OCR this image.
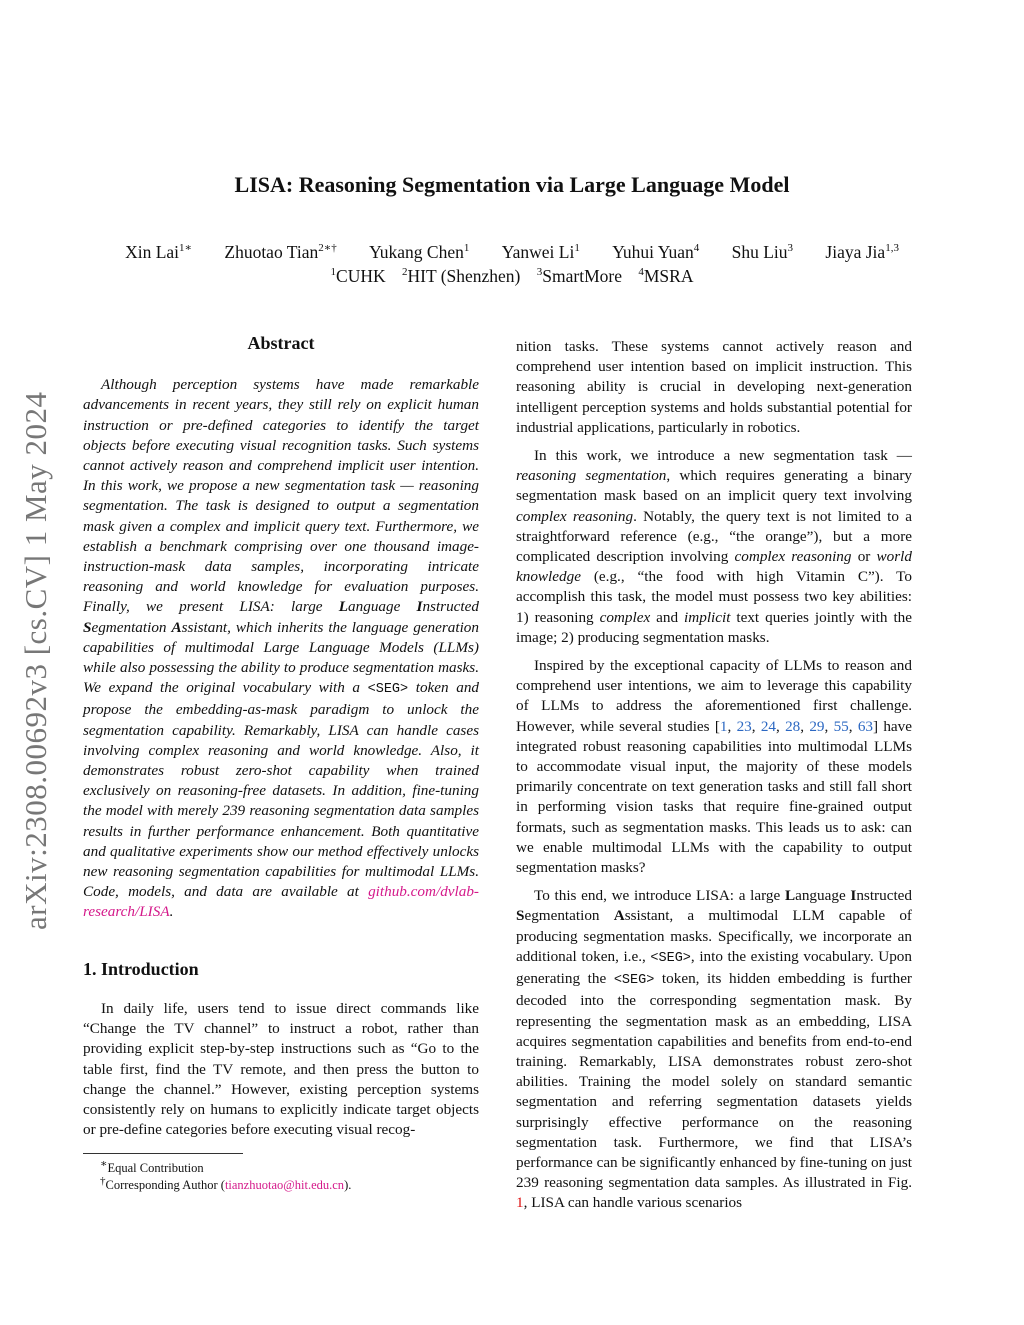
arXiv:2308.00692v3 [cs.CV] 1 May 2024
LISA: Reasoning Segmentation via Large Language Model
Xin Lai$^{1∗}$ Zhuotao Tian$^{2∗\dagger}$ Yukang Chen$^1$ Yanwei Li$^1$ Yuhui Yuan$^4$ Shu Liu$^3$ Jiaya Jia$^{1,3}$
$^1$CUHK $^2$HIT (Shenzhen) $^3$SmartMore $^4$MSRA
Abstract

Although perception systems have made remarkable advancements in recent years, they still rely on explicit human instruction or pre-defined categories to identify the target objects before executing visual recognition tasks. Such systems cannot actively reason and comprehend implicit user intention. In this work, we propose a new segmentation task — reasoning segmentation. The task is designed to output a segmentation mask given a complex and implicit query text. Furthermore, we establish a benchmark comprising over one thousand image-instruction-mask data samples, incorporating intricate reasoning and world knowledge for evaluation purposes. Finally, we present LISA: large Language Instructed Segmentation Assistant, which inherits the language generation capabilities of multimodal Large Language Models (LLMs) while also possessing the ability to produce segmentation masks. We expand the original vocabulary with a <SEG> token and propose the embedding-as-mask paradigm to unlock the segmentation capability. Remarkably, LISA can handle cases involving complex reasoning and world knowledge. Also, it demonstrates robust zero-shot capability when trained exclusively on reasoning-free datasets. In addition, fine-tuning the model with merely 239 reasoning segmentation data samples results in further performance enhancement. Both quantitative and qualitative experiments show our method effectively unlocks new reasoning segmentation capabilities for multimodal LLMs. Code, models, and data are available at github.com/dvlab-research/LISA.

1. Introduction

In daily life, users tend to issue direct commands like “Change the TV channel” to instruct a robot, rather than providing explicit step-by-step instructions such as “Go to the table first, find the TV remote, and then press the button to change the channel.” However, existing perception systems consistently rely on humans to explicitly indicate target objects or pre-define categories before executing visual recog-

nition tasks. These systems cannot actively reason and comprehend user intention based on implicit instruction. This reasoning ability is crucial in developing next-generation intelligent perception systems and holds substantial potential for industrial applications, particularly in robotics.

In this work, we introduce a new segmentation task — reasoning segmentation, which requires generating a binary segmentation mask based on an implicit query text involving complex reasoning. Notably, the query text is not limited to a straightforward reference (e.g., “the orange”), but a more complicated description involving complex reasoning or world knowledge (e.g., “the food with high Vitamin C”). To accomplish this task, the model must possess two key abilities: 1) reasoning complex and implicit text queries jointly with the image; 2) producing segmentation masks.

Inspired by the exceptional capacity of LLMs to reason and comprehend user intentions, we aim to leverage this capability of LLMs to address the aforementioned first challenge. However, while several studies [1, 23, 24, 28, 29, 55, 63] have integrated robust reasoning capabilities into multimodal LLMs to accommodate visual input, the majority of these models primarily concentrate on text generation tasks and still fall short in performing vision tasks that require fine-grained output formats, such as segmentation masks. This leads us to ask: can we enable multimodal LLMs with the capability to output segmentation masks?

To this end, we introduce LISA: a large Language Instructed Segmentation Assistant, a multimodal LLM capable of producing segmentation masks. Specifically, we incorporate an additional token, i.e., <SEG>, into the existing vocabulary. Upon generating the <SEG> token, its hidden embedding is further decoded into the corresponding segmentation mask. By representing the segmentation mask as an embedding, LISA acquires segmentation capabilities and benefits from end-to-end training. Remarkably, LISA demonstrates robust zero-shot abilities. Training the model solely on standard semantic segmentation and referring segmentation datasets yields surprisingly effective performance on the reasoning segmentation task. Furthermore, we find that LISA’s performance can be significantly enhanced by fine-tuning on just 239 reasoning segmentation data samples. As illustrated in Fig. 1, LISA can handle various scenarios

∗Equal Contribution
†Corresponding Author (tianzhuotao@hit.edu.cn).
